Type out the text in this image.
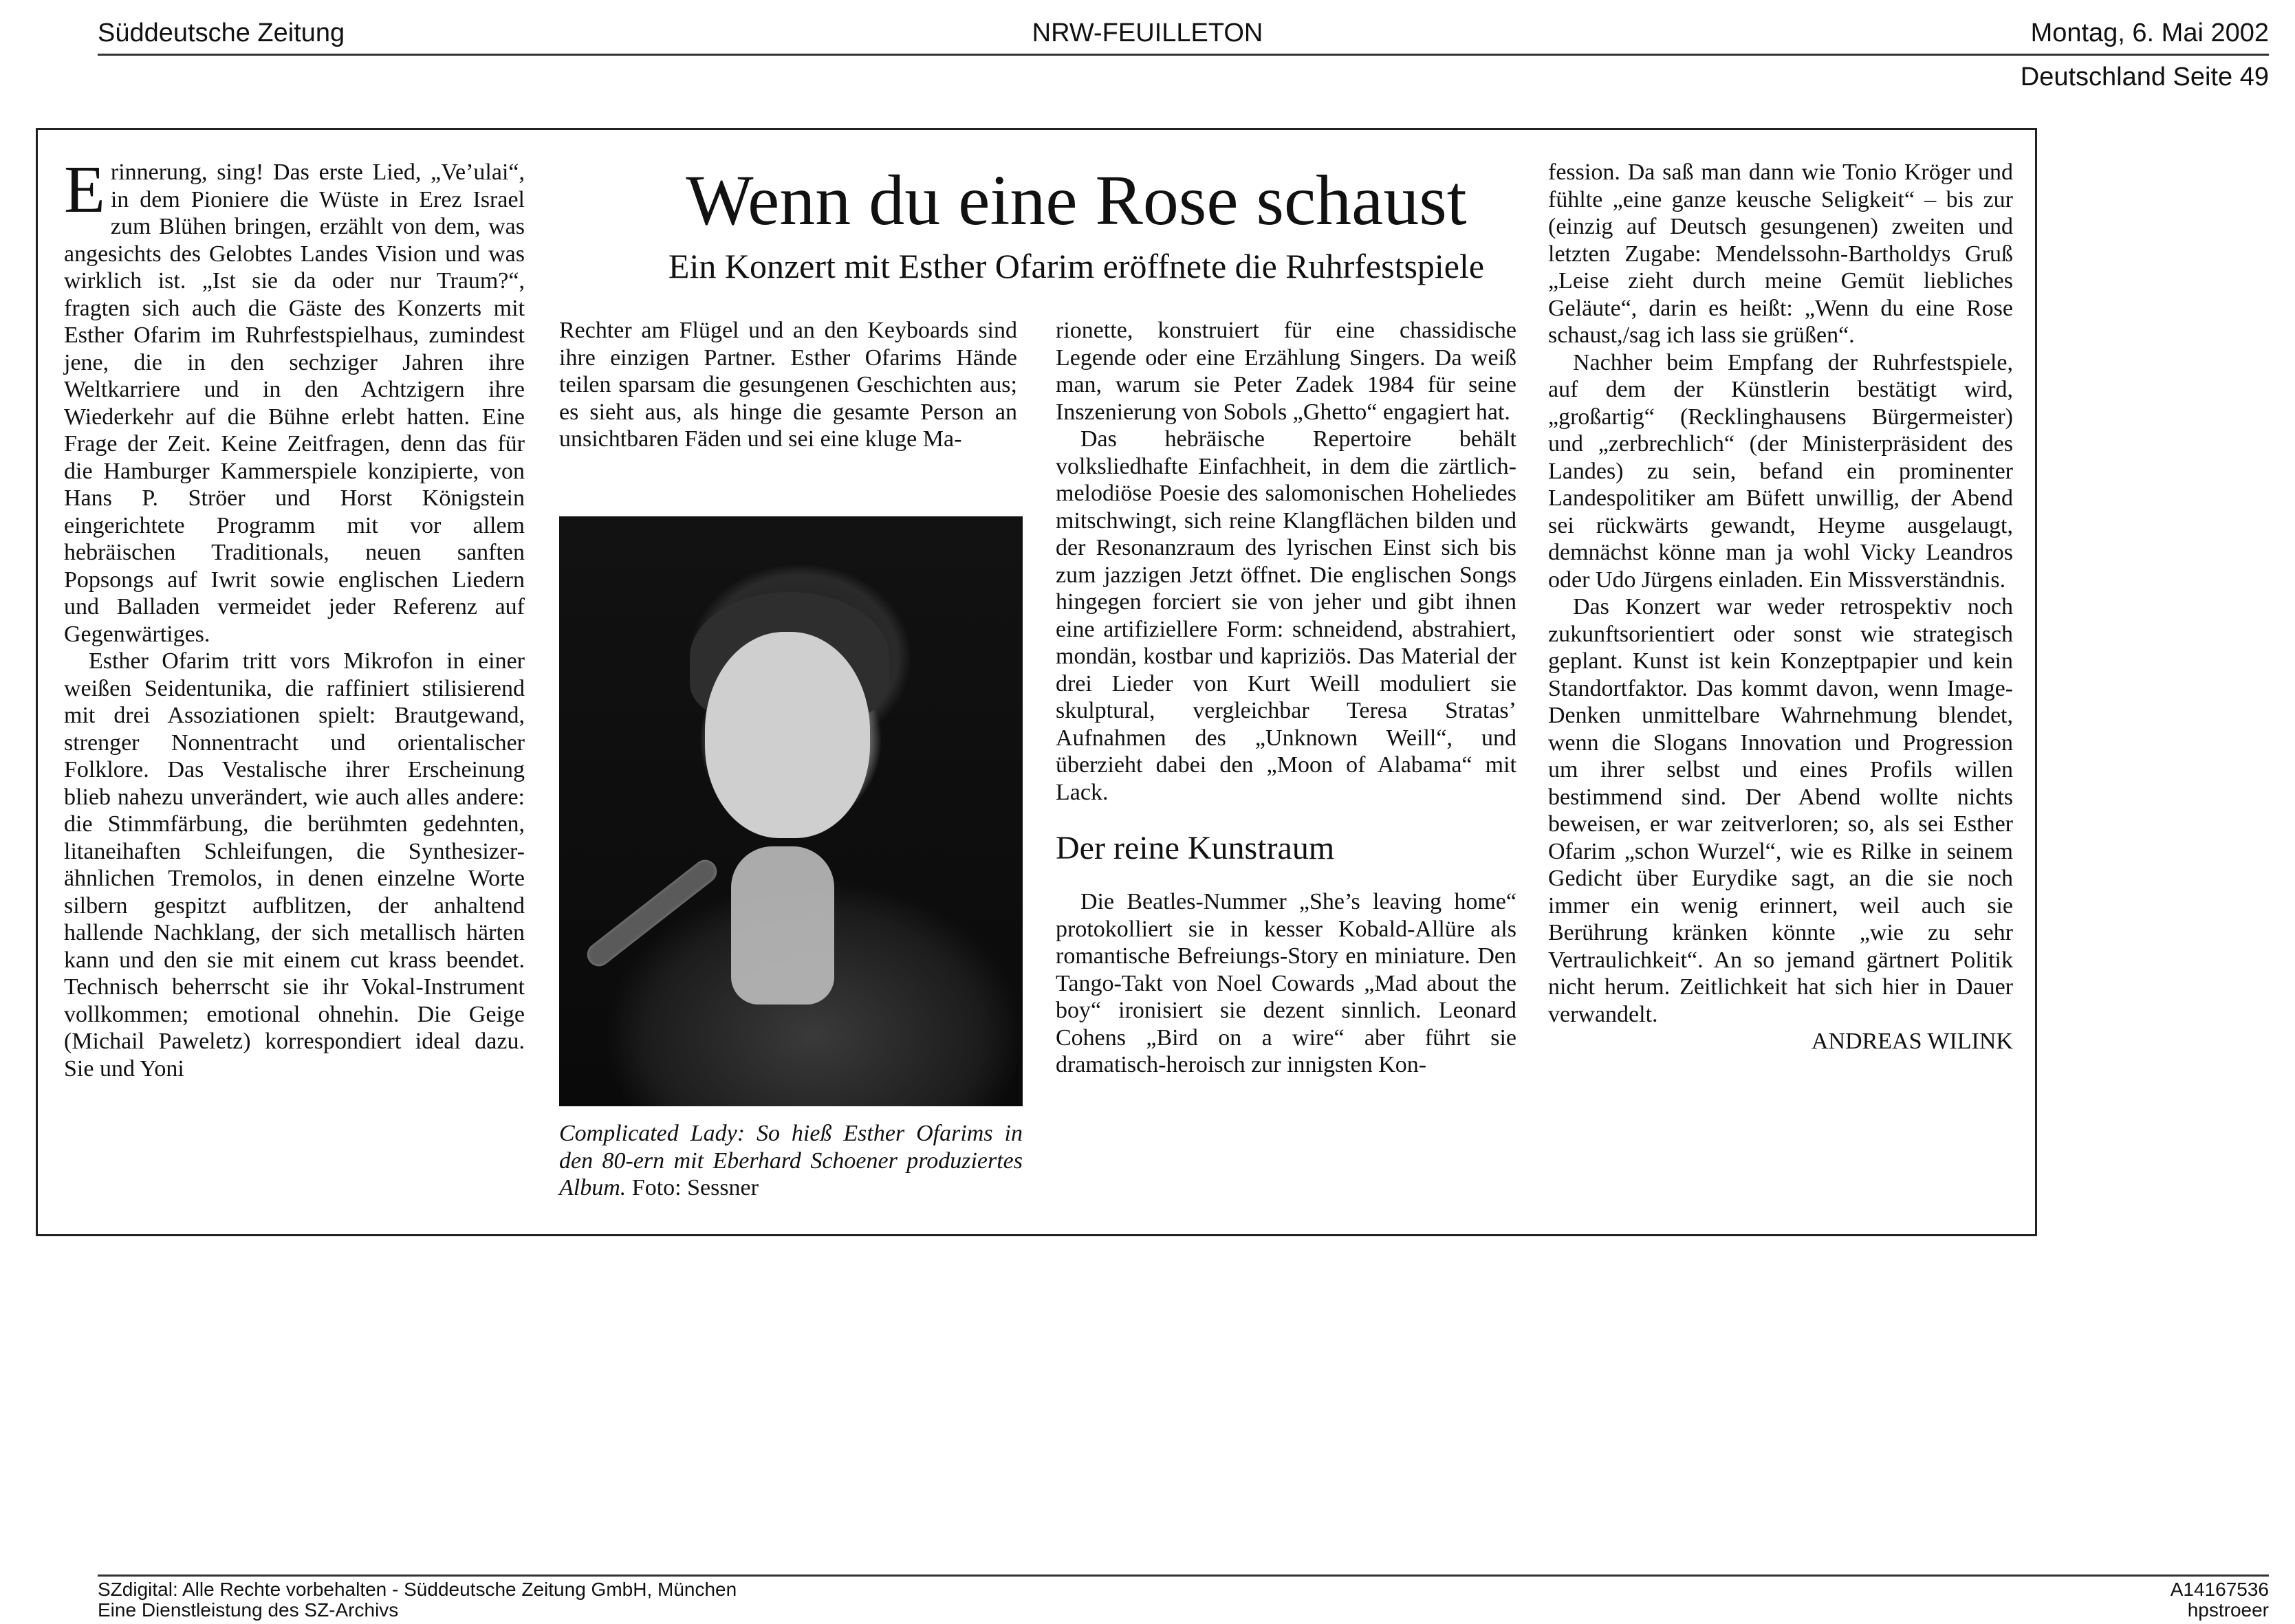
Süddeutsche Zeitung	NRW-FEUILLETON	Montag, 6. Mai 2002
Deutschland Seite 49

Erinnerung, sing! Das erste Lied, „Ve’ulai“, in dem Pioniere die Wüste in Erez Israel zum Blühen bringen, erzählt von dem, was angesichts des Gelobtes Landes Vision und was wirklich ist. „Ist sie da oder nur Traum?“, fragten sich auch die Gäste des Konzerts mit Esther Ofarim im Ruhrfestspielhaus, zumindest jene, die in den sechziger Jahren ihre Weltkarriere und in den Achtzigern ihre Wiederkehr auf die Bühne erlebt hatten. Eine Frage der Zeit. Keine Zeitfragen, denn das für die Hamburger Kammerspiele konzipierte, von Hans P. Ströer und Horst Königstein eingerichtete Programm mit vor allem hebräischen Traditionals, neuen sanften Popsongs auf Iwrit sowie englischen Liedern und Balladen vermeidet jeder Referenz auf Gegenwärtiges.

Esther Ofarim tritt vors Mikrofon in einer weißen Seidentunika, die raffiniert stilisierend mit drei Assoziationen spielt: Brautgewand, strenger Nonnentracht und orientalischer Folklore. Das Vestalische ihrer Erscheinung blieb nahezu unverändert, wie auch alles andere: die Stimmfärbung, die berühmten gedehnten, litaneihaften Schleifungen, die Synthesizer-ähnlichen Tremolos, in denen einzelne Worte silbern gespitzt aufblitzen, der anhaltend hallende Nachklang, der sich metallisch härten kann und den sie mit einem cut krass beendet. Technisch beherrscht sie ihr Vokal-Instrument vollkommen; emotional ohnehin. Die Geige (Michail Paweletz) korrespondiert ideal dazu. Sie und Yoni

Wenn du eine Rose schaust
Ein Konzert mit Esther Ofarim eröffnete die Ruhrfestspiele

Rechter am Flügel und an den Keyboards sind ihre einzigen Partner. Esther Ofarims Hände teilen sparsam die gesungenen Geschichten aus; es sieht aus, als hinge die gesamte Person an unsichtbaren Fäden und sei eine kluge Ma-

Complicated Lady: So hieß Esther Ofarims in den 80-ern mit Eberhard Schoener produziertes Album. Foto: Sessner

rionette, konstruiert für eine chassidische Legende oder eine Erzählung Singers. Da weiß man, warum sie Peter Zadek 1984 für seine Inszenierung von Sobols „Ghetto“ engagiert hat.

Das hebräische Repertoire behält volksliedhafte Einfachheit, in dem die zärtlich-melodiöse Poesie des salomonischen Hoheliedes mitschwingt, sich reine Klangflächen bilden und der Resonanzraum des lyrischen Einst sich bis zum jazzigen Jetzt öffnet. Die englischen Songs hingegen forciert sie von jeher und gibt ihnen eine artifiziellere Form: schneidend, abstrahiert, mondän, kostbar und kapriziös. Das Material der drei Lieder von Kurt Weill moduliert sie skulptural, vergleichbar Teresa Stratas’ Aufnahmen des „Unknown Weill“, und überzieht dabei den „Moon of Alabama“ mit Lack.

Der reine Kunstraum

Die Beatles-Nummer „She’s leaving home“ protokolliert sie in kesser Kobald-Allüre als romantische Befreiungs-Story en miniature. Den Tango-Takt von Noel Cowards „Mad about the boy“ ironisiert sie dezent sinnlich. Leonard Cohens „Bird on a wire“ aber führt sie dramatisch-heroisch zur innigsten Kon-

fession. Da saß man dann wie Tonio Kröger und fühlte „eine ganze keusche Seligkeit“ – bis zur (einzig auf Deutsch gesungenen) zweiten und letzten Zugabe: Mendelssohn-Bartholdys Gruß „Leise zieht durch meine Gemüt liebliches Geläute“, darin es heißt: „Wenn du eine Rose schaust,/sag ich lass sie grüßen“.

Nachher beim Empfang der Ruhrfestspiele, auf dem der Künstlerin bestätigt wird, „großartig“ (Recklinghausens Bürgermeister) und „zerbrechlich“ (der Ministerpräsident des Landes) zu sein, befand ein prominenter Landespolitiker am Büfett unwillig, der Abend sei rückwärts gewandt, Heyme ausgelaugt, demnächst könne man ja wohl Vicky Leandros oder Udo Jürgens einladen. Ein Missverständnis.

Das Konzert war weder retrospektiv noch zukunftsorientiert oder sonst wie strategisch geplant. Kunst ist kein Konzeptpapier und kein Standortfaktor. Das kommt davon, wenn Image-Denken unmittelbare Wahrnehmung blendet, wenn die Slogans Innovation und Progression um ihrer selbst und eines Profils willen bestimmend sind. Der Abend wollte nichts beweisen, er war zeitverloren; so, als sei Esther Ofarim „schon Wurzel“, wie es Rilke in seinem Gedicht über Eurydike sagt, an die sie noch immer ein wenig erinnert, weil auch sie Berührung kränken könnte „wie zu sehr Vertraulichkeit“. An so jemand gärtnert Politik nicht herum. Zeitlichkeit hat sich hier in Dauer verwandelt.

ANDREAS WILINK

SZdigital: Alle Rechte vorbehalten - Süddeutsche Zeitung GmbH, München
Eine Dienstleistung des SZ-Archivs
A14167536
hpstroeer
